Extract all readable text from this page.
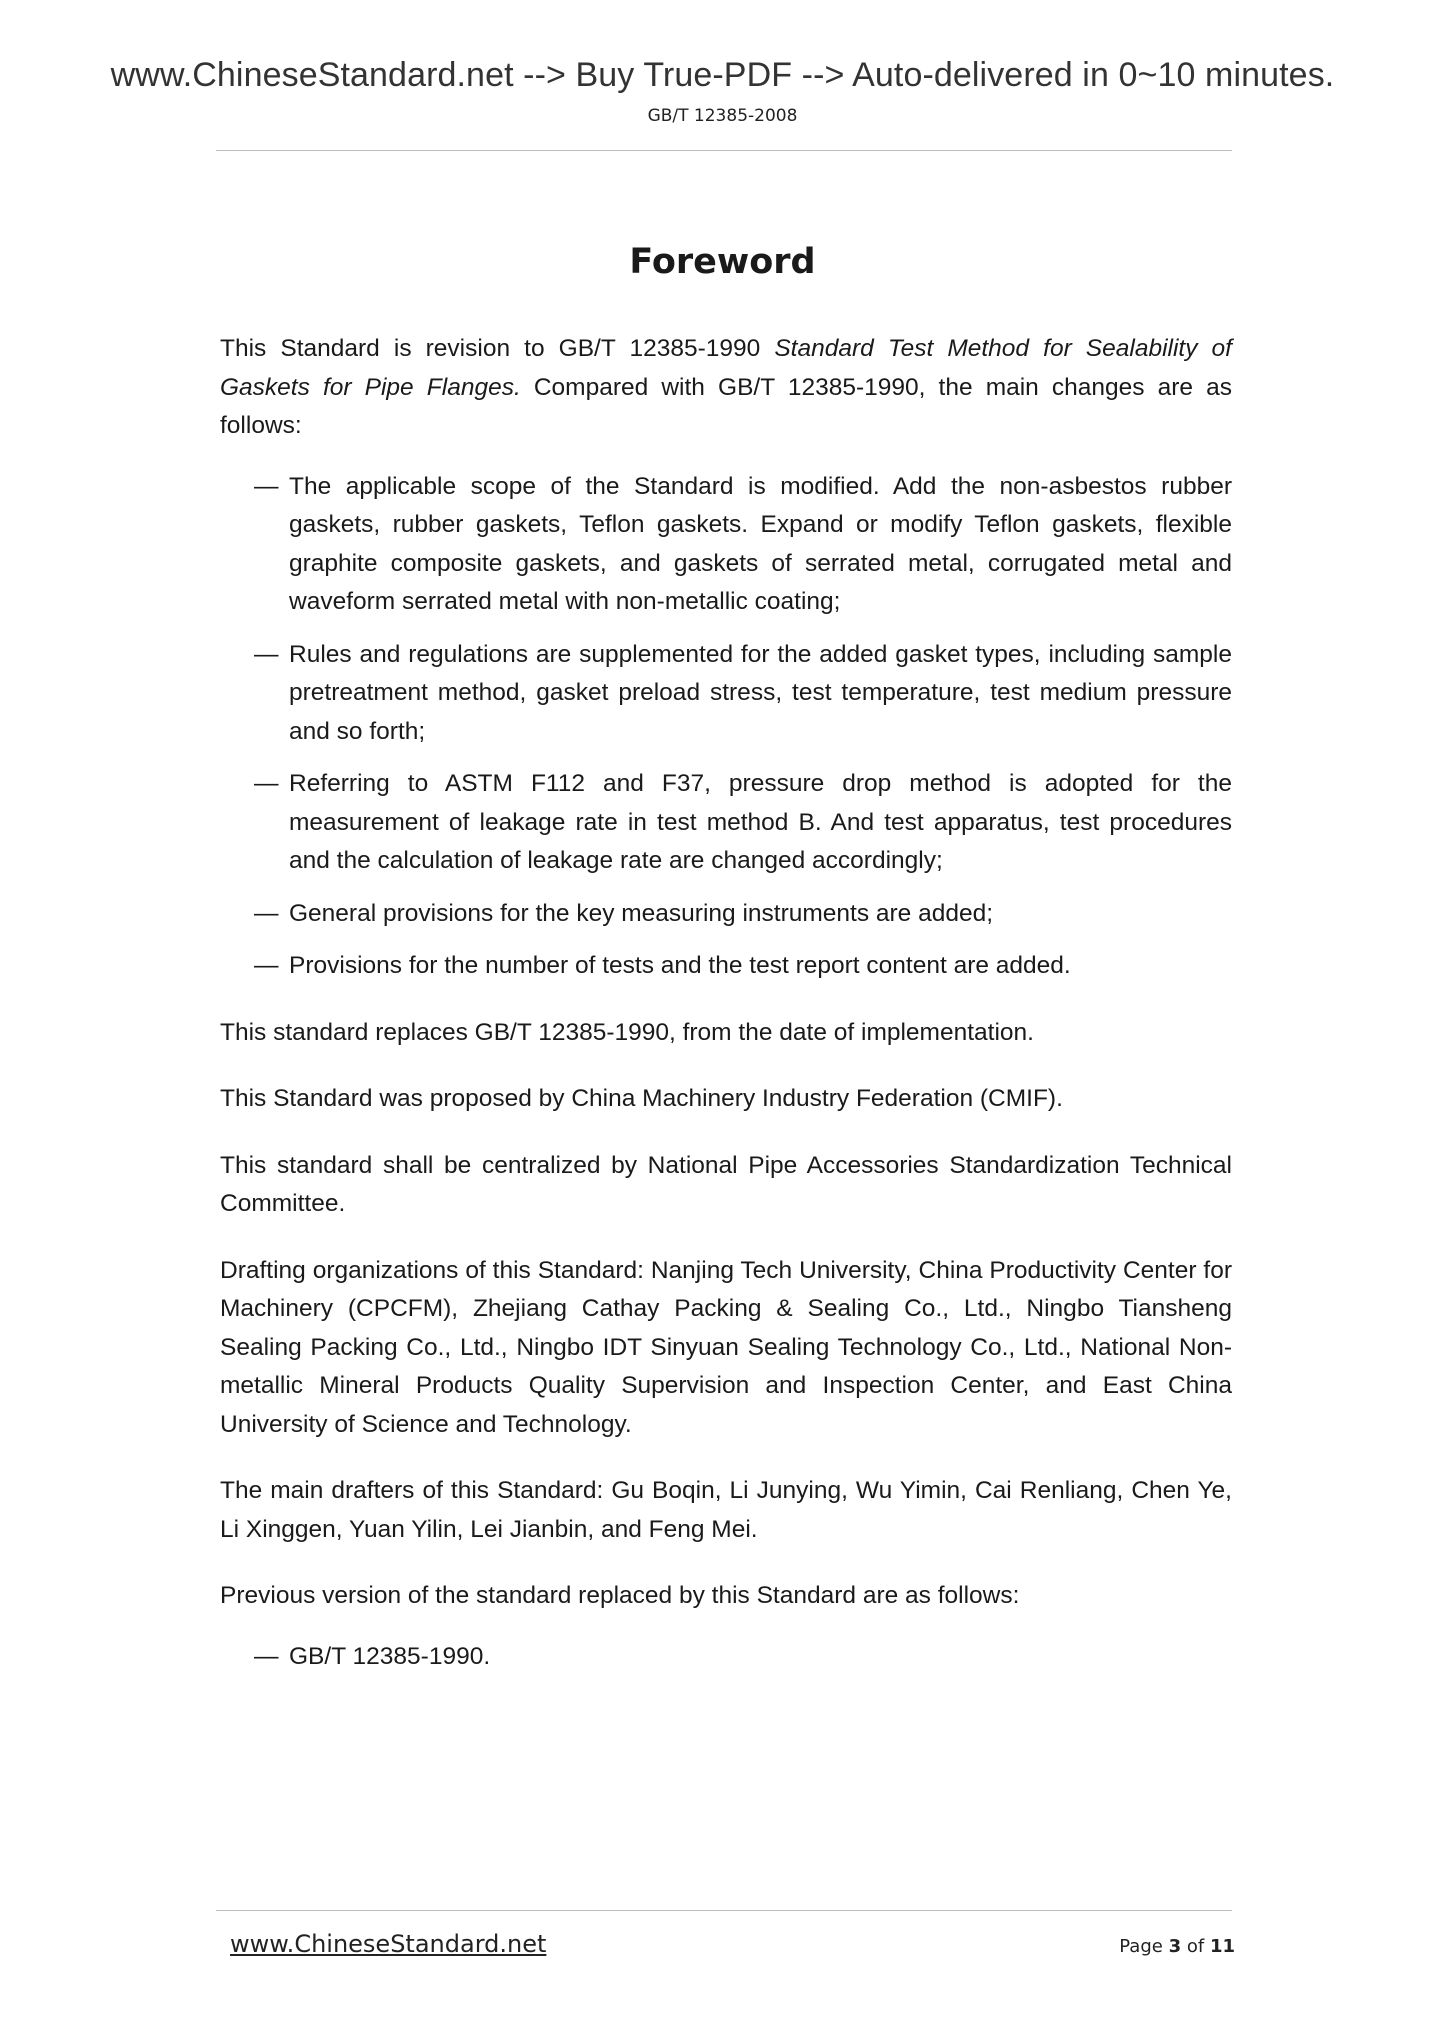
www.ChineseStandard.net --> Buy True-PDF --> Auto-delivered in 0~10 minutes.
GB/T 12385-2008
Foreword

This Standard is revision to GB/T 12385-1990 Standard Test Method for Sealability of Gaskets for Pipe Flanges. Compared with GB/T 12385-1990, the main changes are as follows:

— The applicable scope of the Standard is modified. Add the non-asbestos rubber gaskets, rubber gaskets, Teflon gaskets. Expand or modify Teflon gaskets, flexible graphite composite gaskets, and gaskets of serrated metal, corrugated metal and waveform serrated metal with non-metallic coating;
— Rules and regulations are supplemented for the added gasket types, including sample pretreatment method, gasket preload stress, test temperature, test medium pressure and so forth;
— Referring to ASTM F112 and F37, pressure drop method is adopted for the measurement of leakage rate in test method B. And test apparatus, test procedures and the calculation of leakage rate are changed accordingly;
— General provisions for the key measuring instruments are added;
— Provisions for the number of tests and the test report content are added.

This standard replaces GB/T 12385-1990, from the date of implementation.

This Standard was proposed by China Machinery Industry Federation (CMIF).

This standard shall be centralized by National Pipe Accessories Standardization Technical Committee.

Drafting organizations of this Standard: Nanjing Tech University, China Productivity Center for Machinery (CPCFM), Zhejiang Cathay Packing & Sealing Co., Ltd., Ningbo Tiansheng Sealing Packing Co., Ltd., Ningbo IDT Sinyuan Sealing Technology Co., Ltd., National Non-metallic Mineral Products Quality Supervision and Inspection Center, and East China University of Science and Technology.

The main drafters of this Standard: Gu Boqin, Li Junying, Wu Yimin, Cai Renliang, Chen Ye, Li Xinggen, Yuan Yilin, Lei Jianbin, and Feng Mei.

Previous version of the standard replaced by this Standard are as follows:

— GB/T 12385-1990.
www.ChineseStandard.net	Page 3 of 11
